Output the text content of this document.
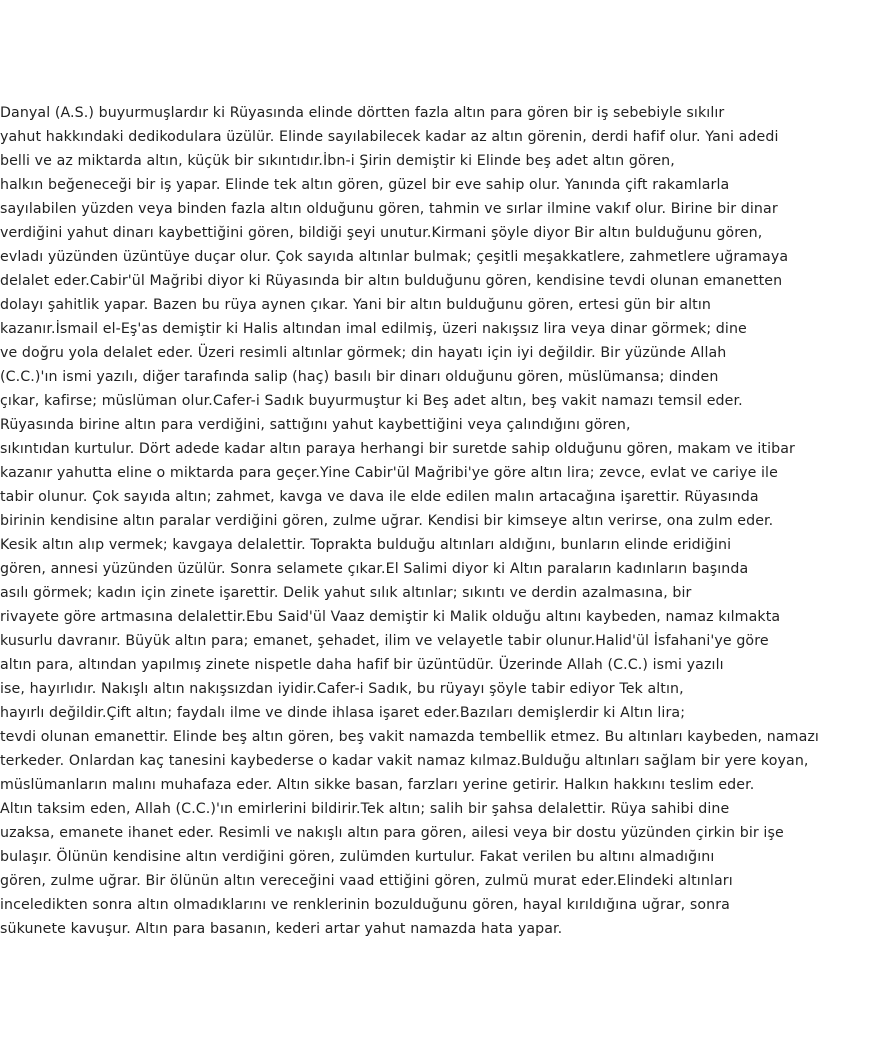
Danyal (A.S.) buyurmuşlardır ki Rüyasında elinde dörtten fazla altın para gören bir iş sebebiyle sıkılır
yahut hakkındaki dedikodulara üzülür. Elinde sayılabilecek kadar az altın görenin, derdi hafif olur. Yani adedi
belli ve az miktarda altın, küçük bir sıkıntıdır.İbn-i Şirin demiştir ki Elinde beş adet altın gören,
halkın beğeneceği bir iş yapar. Elinde tek altın gören, güzel bir eve sahip olur. Yanında çift rakamlarla
sayılabilen yüzden veya binden fazla altın olduğunu gören, tahmin ve sırlar ilmine vakıf olur. Birine bir dinar
verdiğini yahut dinarı kaybettiğini gören, bildiği şeyi unutur.Kirmani şöyle diyor Bir altın bulduğunu gören,
evladı yüzünden üzüntüye duçar olur. Çok sayıda altınlar bulmak; çeşitli meşakkatlere, zahmetlere uğramaya
delalet eder.Cabir'ül Mağribi diyor ki Rüyasında bir altın bulduğunu gören, kendisine tevdi olunan emanetten
dolayı şahitlik yapar. Bazen bu rüya aynen çıkar. Yani bir altın bulduğunu gören, ertesi gün bir altın
kazanır.İsmail el-Eş'as demiştir ki Halis altından imal edilmiş, üzeri nakışsız lira veya dinar görmek; dine
ve doğru yola delalet eder. Üzeri resimli altınlar görmek; din hayatı için iyi değildir. Bir yüzünde Allah
(C.C.)'ın ismi yazılı, diğer tarafında salip (haç) basılı bir dinarı olduğunu gören, müslümansa; dinden
çıkar, kafirse; müslüman olur.Cafer-i Sadık buyurmuştur ki Beş adet altın, beş vakit namazı temsil eder.
Rüyasında birine altın para verdiğini, sattığını yahut kaybettiğini veya çalındığını gören,
sıkıntıdan kurtulur. Dört adede kadar altın paraya herhangi bir suretde sahip olduğunu gören, makam ve itibar
kazanır yahutta eline o miktarda para geçer.Yine Cabir'ül Mağribi'ye göre altın lira; zevce, evlat ve cariye ile
tabir olunur. Çok sayıda altın; zahmet, kavga ve dava ile elde edilen malın artacağına işarettir. Rüyasında
birinin kendisine altın paralar verdiğini gören, zulme uğrar. Kendisi bir kimseye altın verirse, ona zulm eder.
Kesik altın alıp vermek; kavgaya delalettir. Toprakta bulduğu altınları aldığını, bunların elinde eridiğini
gören, annesi yüzünden üzülür. Sonra selamete çıkar.El Salimi diyor ki Altın paraların kadınların başında
asılı görmek; kadın için zinete işarettir. Delik yahut sılık altınlar; sıkıntı ve derdin azalmasına, bir
rivayete göre artmasına delalettir.Ebu Said'ül Vaaz demiştir ki Malik olduğu altını kaybeden, namaz kılmakta
kusurlu davranır. Büyük altın para; emanet, şehadet, ilim ve velayetle tabir olunur.Halid'ül İsfahani'ye göre
altın para, altından yapılmış zinete nispetle daha hafif bir üzüntüdür. Üzerinde Allah (C.C.) ismi yazılı
ise, hayırlıdır. Nakışlı altın nakışsızdan iyidir.Cafer-i Sadık, bu rüyayı şöyle tabir ediyor Tek altın,
hayırlı değildir.Çift altın; faydalı ilme ve dinde ihlasa işaret eder.Bazıları demişlerdir ki Altın lira;
tevdi olunan emanettir. Elinde beş altın gören, beş vakit namazda tembellik etmez. Bu altınları kaybeden, namazı
terkeder. Onlardan kaç tanesini kaybederse o kadar vakit namaz kılmaz.Bulduğu altınları sağlam bir yere koyan,
müslümanların malını muhafaza eder. Altın sikke basan, farzları yerine getirir. Halkın hakkını teslim eder.
Altın taksim eden, Allah (C.C.)'ın emirlerini bildirir.Tek altın; salih bir şahsa delalettir. Rüya sahibi dine
uzaksa, emanete ihanet eder. Resimli ve nakışlı altın para gören, ailesi veya bir dostu yüzünden çirkin bir işe
bulaşır. Ölünün kendisine altın verdiğini gören, zulümden kurtulur. Fakat verilen bu altını almadığını
gören, zulme uğrar. Bir ölünün altın vereceğini vaad ettiğini gören, zulmü murat eder.Elindeki altınları
inceledikten sonra altın olmadıklarını ve renklerinin bozulduğunu gören, hayal kırıldığına uğrar, sonra
sükunete kavuşur. Altın para basanın, kederi artar yahut namazda hata yapar.
